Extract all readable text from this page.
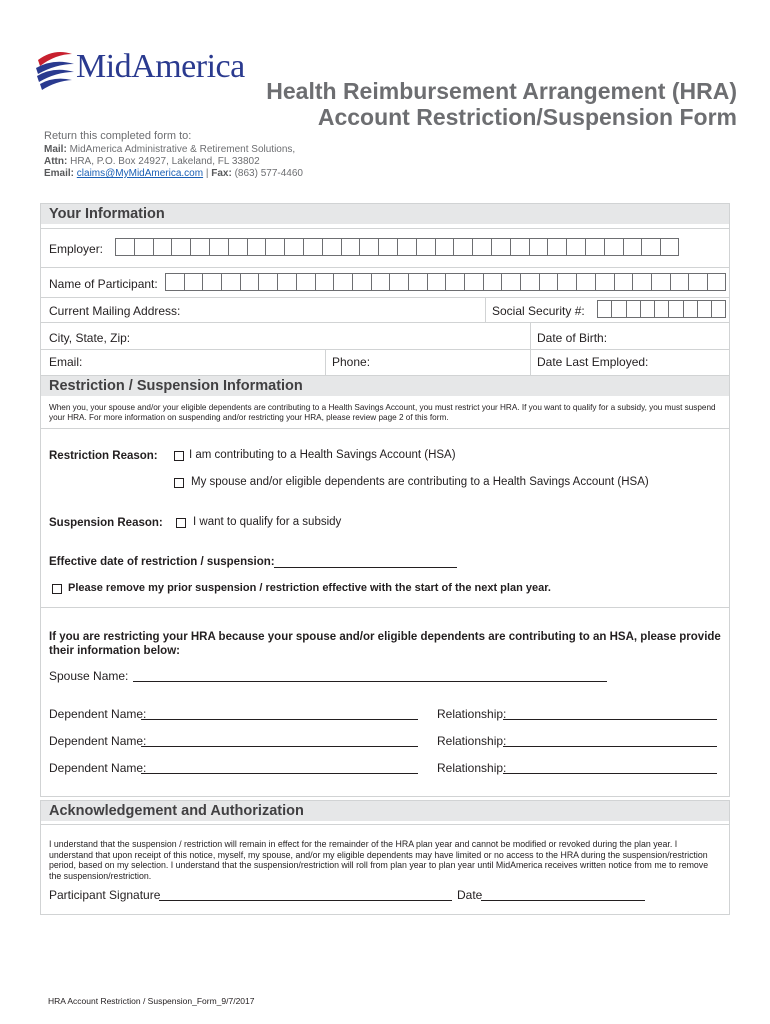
MidAmerica
Health Reimbursement Arrangement (HRA)
Account Restriction/Suspension Form
Return this completed form to:
Mail: MidAmerica Administrative & Retirement Solutions,
Attn: HRA, P.O. Box 24927, Lakeland, FL 33802
Email: claims@MyMidAmerica.com | Fax: (863) 577-4460
Your Information
Employer:
Name of Participant:
Current Mailing Address:	Social Security #:
City, State, Zip:	Date of Birth:
Email:	Phone:	Date Last Employed:
Restriction / Suspension Information
When you, your spouse and/or your eligible dependents are contributing to a Health Savings Account, you must restrict your HRA. If you want to qualify for a subsidy, you must suspend your HRA. For more information on suspending and/or restricting your HRA, please review page 2 of this form.
Restriction Reason:	I am contributing to a Health Savings Account (HSA)
My spouse and/or eligible dependents are contributing to a Health Savings Account (HSA)
Suspension Reason:	I want to qualify for a subsidy
Effective date of restriction / suspension:
Please remove my prior suspension / restriction effective with the start of the next plan year.
If you are restricting your HRA because your spouse and/or eligible dependents are contributing to an HSA, please provide their information below:
Spouse Name:
Dependent Name:	Relationship:
Dependent Name:	Relationship:
Dependent Name:	Relationship:
Acknowledgement and Authorization
I understand that the suspension / restriction will remain in effect for the remainder of the HRA plan year and cannot be modified or revoked during the plan year. I understand that upon receipt of this notice, myself, my spouse, and/or my eligible dependents may have limited or no access to the HRA during the suspension/restriction period, based on my selection. I understand that the suspension/restriction will roll from plan year to plan year until MidAmerica receives written notice from me to remove the suspension/restriction.
Participant Signature	Date
HRA Account Restriction / Suspension_Form_9/7/2017
